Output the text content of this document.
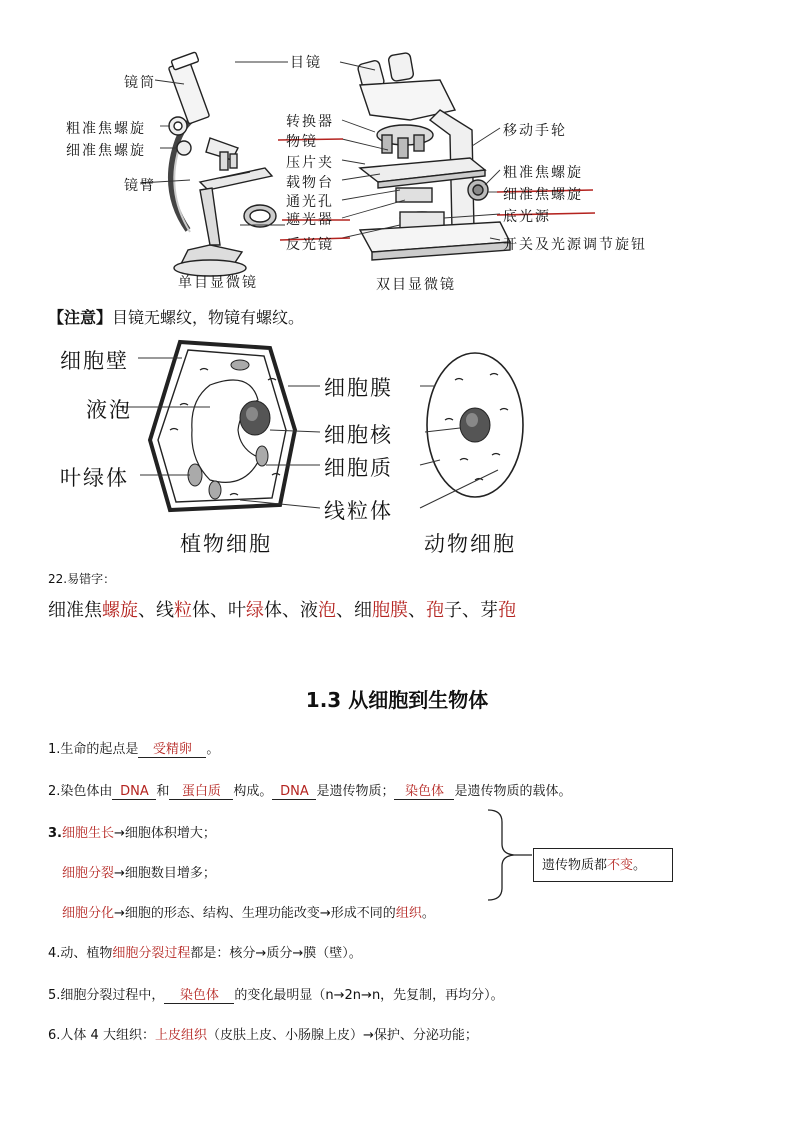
目镜
镜筒
粗准焦螺旋
细准焦螺旋
镜臂
转换器
物镜
压片夹
载物台
通光孔
遮光器
反光镜
移动手轮
粗准焦螺旋
细准焦螺旋
底光源
开关及光源调节旋钮
单目显微镜	双目显微镜
【注意】目镜无螺纹，物镜有螺纹。
细胞壁
液泡
叶绿体
细胞膜
细胞核
细胞质
线粒体
植物细胞	动物细胞
22.易错字：
细准焦螺旋、线粒体、叶绿体、液泡、细胞膜、孢子、芽孢
1.3 从细胞到生物体
1.生命的起点是 受精卵 。
2.染色体由 DNA 和 蛋白质 构成。 DNA 是遗传物质； 染色体 是遗传物质的载体。
3.细胞生长→细胞体积增大；
细胞分裂→细胞数目增多；
细胞分化→细胞的形态、结构、生理功能改变→形成不同的组织。
遗传物质都不变。
4.动、植物细胞分裂过程都是：核分→质分→膜（壁）。
5.细胞分裂过程中， 染色体 的变化最明显（n→2n→n，先复制，再均分）。
6.人体 4 大组织：上皮组织（皮肤上皮、小肠腺上皮）→保护、分泌功能；
